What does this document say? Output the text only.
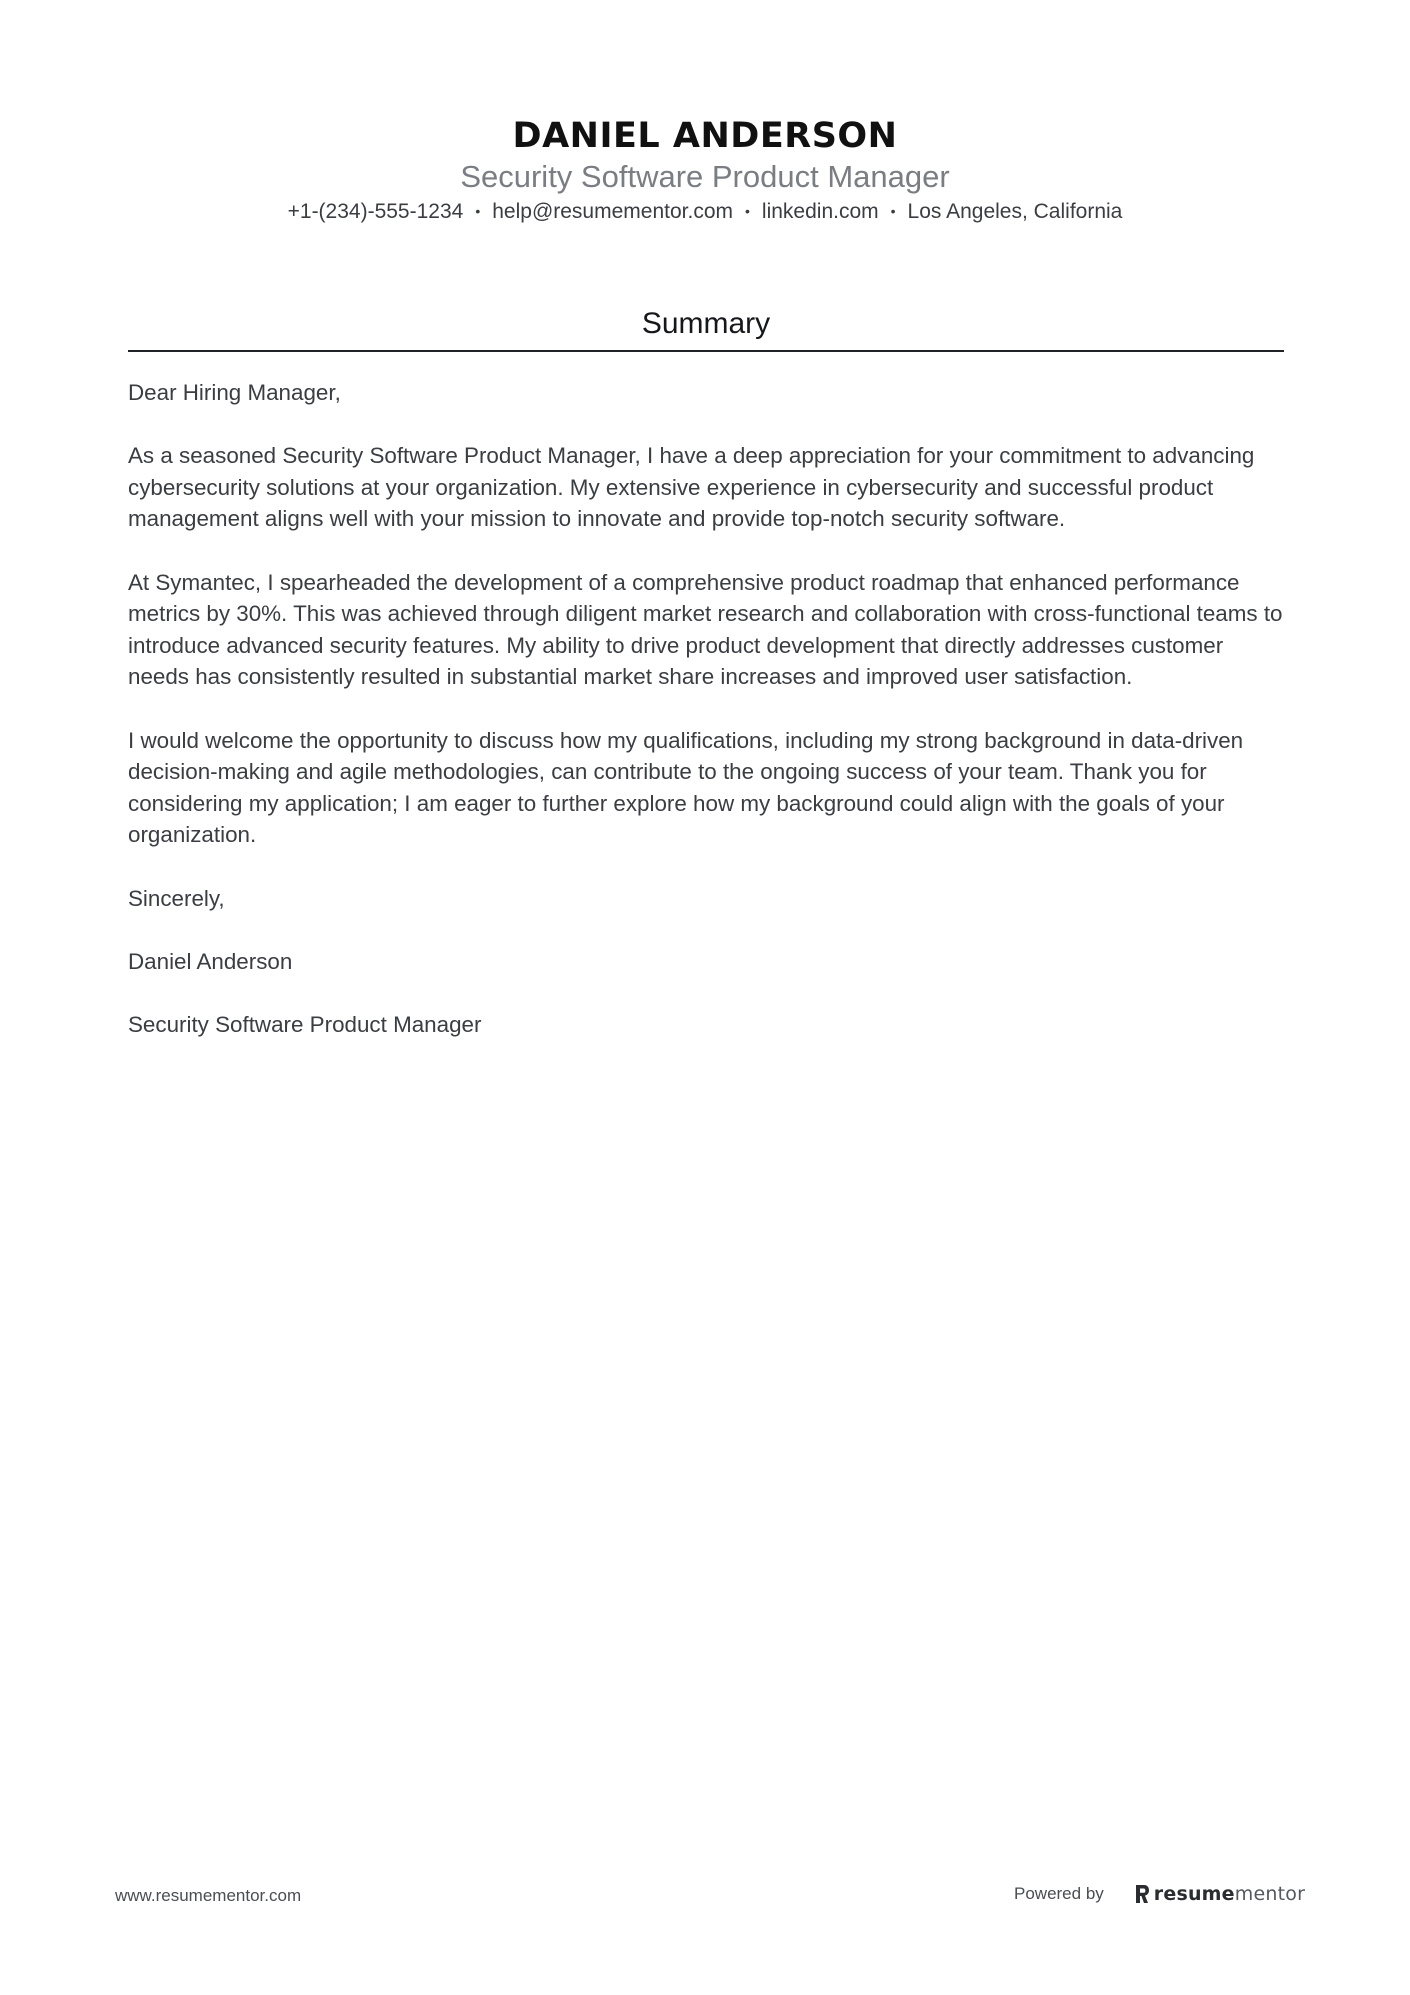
DANIEL ANDERSON
Security Software Product Manager
+1-(234)-555-1234 • help@resumementor.com • linkedin.com • Los Angeles, California
Summary

Dear Hiring Manager,

As a seasoned Security Software Product Manager, I have a deep appreciation for your commitment to advancing cybersecurity solutions at your organization. My extensive experience in cybersecurity and successful product management aligns well with your mission to innovate and provide top-notch security software.

At Symantec, I spearheaded the development of a comprehensive product roadmap that enhanced performance metrics by 30%. This was achieved through diligent market research and collaboration with cross-functional teams to introduce advanced security features. My ability to drive product development that directly addresses customer needs has consistently resulted in substantial market share increases and improved user satisfaction.

I would welcome the opportunity to discuss how my qualifications, including my strong background in data-driven decision-making and agile methodologies, can contribute to the ongoing success of your team. Thank you for considering my application; I am eager to further explore how my background could align with the goals of your organization.

Sincerely,

Daniel Anderson

Security Software Product Manager

www.resumementor.com	Powered by	resume mentor
